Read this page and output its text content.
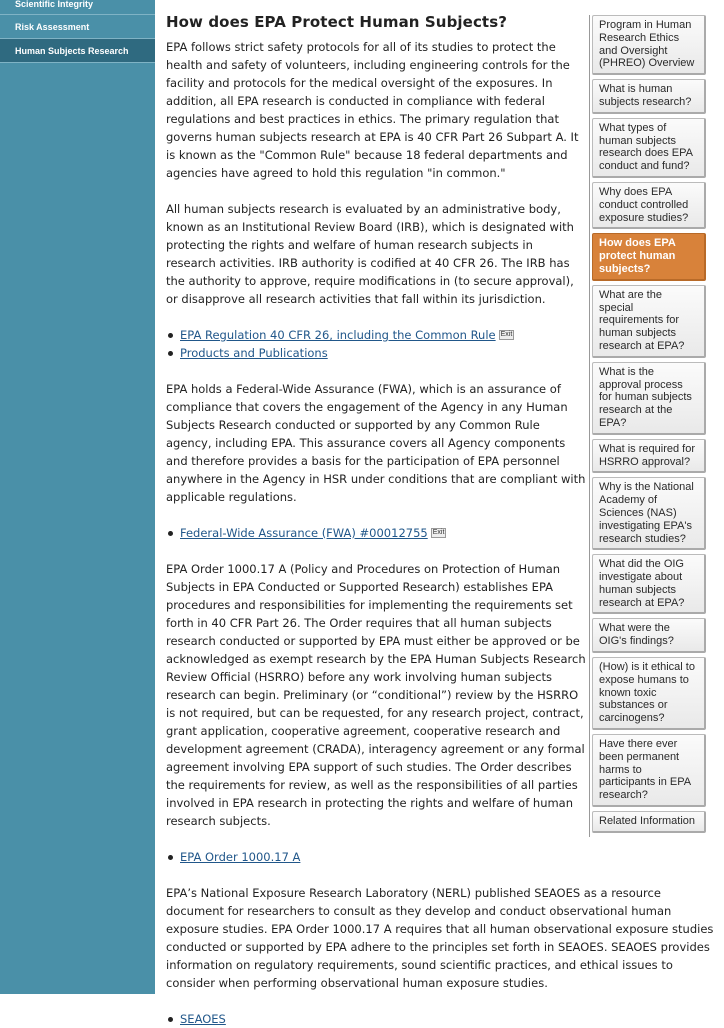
Scientific Integrity
Risk Assessment
Human Subjects Research
How does EPA Protect Human Subjects?

EPA follows strict safety protocols for all of its studies to protect the health and safety of volunteers, including engineering controls for the facility and protocols for the medical oversight of the exposures. In addition, all EPA research is conducted in compliance with federal regulations and best practices in ethics. The primary regulation that governs human subjects research at EPA is 40 CFR Part 26 Subpart A. It is known as the "Common Rule" because 18 federal departments and agencies have agreed to hold this regulation "in common."

All human subjects research is evaluated by an administrative body, known as an Institutional Review Board (IRB), which is designated with protecting the rights and welfare of human research subjects in research activities. IRB authority is codified at 40 CFR 26. The IRB has the authority to approve, require modifications in (to secure approval), or disapprove all research activities that fall within its jurisdiction.

EPA Regulation 40 CFR 26, including the Common Rule Exit
Products and Publications

EPA holds a Federal-Wide Assurance (FWA), which is an assurance of compliance that covers the engagement of the Agency in any Human Subjects Research conducted or supported by any Common Rule agency, including EPA. This assurance covers all Agency components and therefore provides a basis for the participation of EPA personnel anywhere in the Agency in HSR under conditions that are compliant with applicable regulations.

Federal-Wide Assurance (FWA) #00012755 Exit

EPA Order 1000.17 A (Policy and Procedures on Protection of Human Subjects in EPA Conducted or Supported Research) establishes EPA procedures and responsibilities for implementing the requirements set forth in 40 CFR Part 26. The Order requires that all human subjects research conducted or supported by EPA must either be approved or be acknowledged as exempt research by the EPA Human Subjects Research Review Official (HSRRO) before any work involving human subjects research can begin. Preliminary (or “conditional”) review by the HSRRO is not required, but can be requested, for any research project, contract, grant application, cooperative agreement, cooperative research and development agreement (CRADA), interagency agreement or any formal agreement involving EPA support of such studies. The Order describes the requirements for review, as well as the responsibilities of all parties involved in EPA research in protecting the rights and welfare of human research subjects.

EPA Order 1000.17 A

EPA’s National Exposure Research Laboratory (NERL) published SEAOES as a resource document for researchers to consult as they develop and conduct observational human exposure studies. EPA Order 1000.17 A requires that all human observational exposure studies conducted or supported by EPA adhere to the principles set forth in SEAOES. SEAOES provides information on regulatory requirements, sound scientific practices, and ethical issues to consider when performing observational human exposure studies.

SEAOES
Program in Human Research Ethics and Oversight (PHREO) Overview
What is human subjects research?
What types of human subjects research does EPA conduct and fund?
Why does EPA conduct controlled exposure studies?
How does EPA protect human subjects?
What are the special requirements for human subjects research at EPA?
What is the approval process for human subjects research at the EPA?
What is required for HSRRO approval?
Why is the National Academy of Sciences (NAS) investigating EPA's research studies?
What did the OIG investigate about human subjects research at EPA?
What were the OIG's findings?
(How) is it ethical to expose humans to known toxic substances or carcinogens?
Have there ever been permanent harms to participants in EPA research?
Related Information
